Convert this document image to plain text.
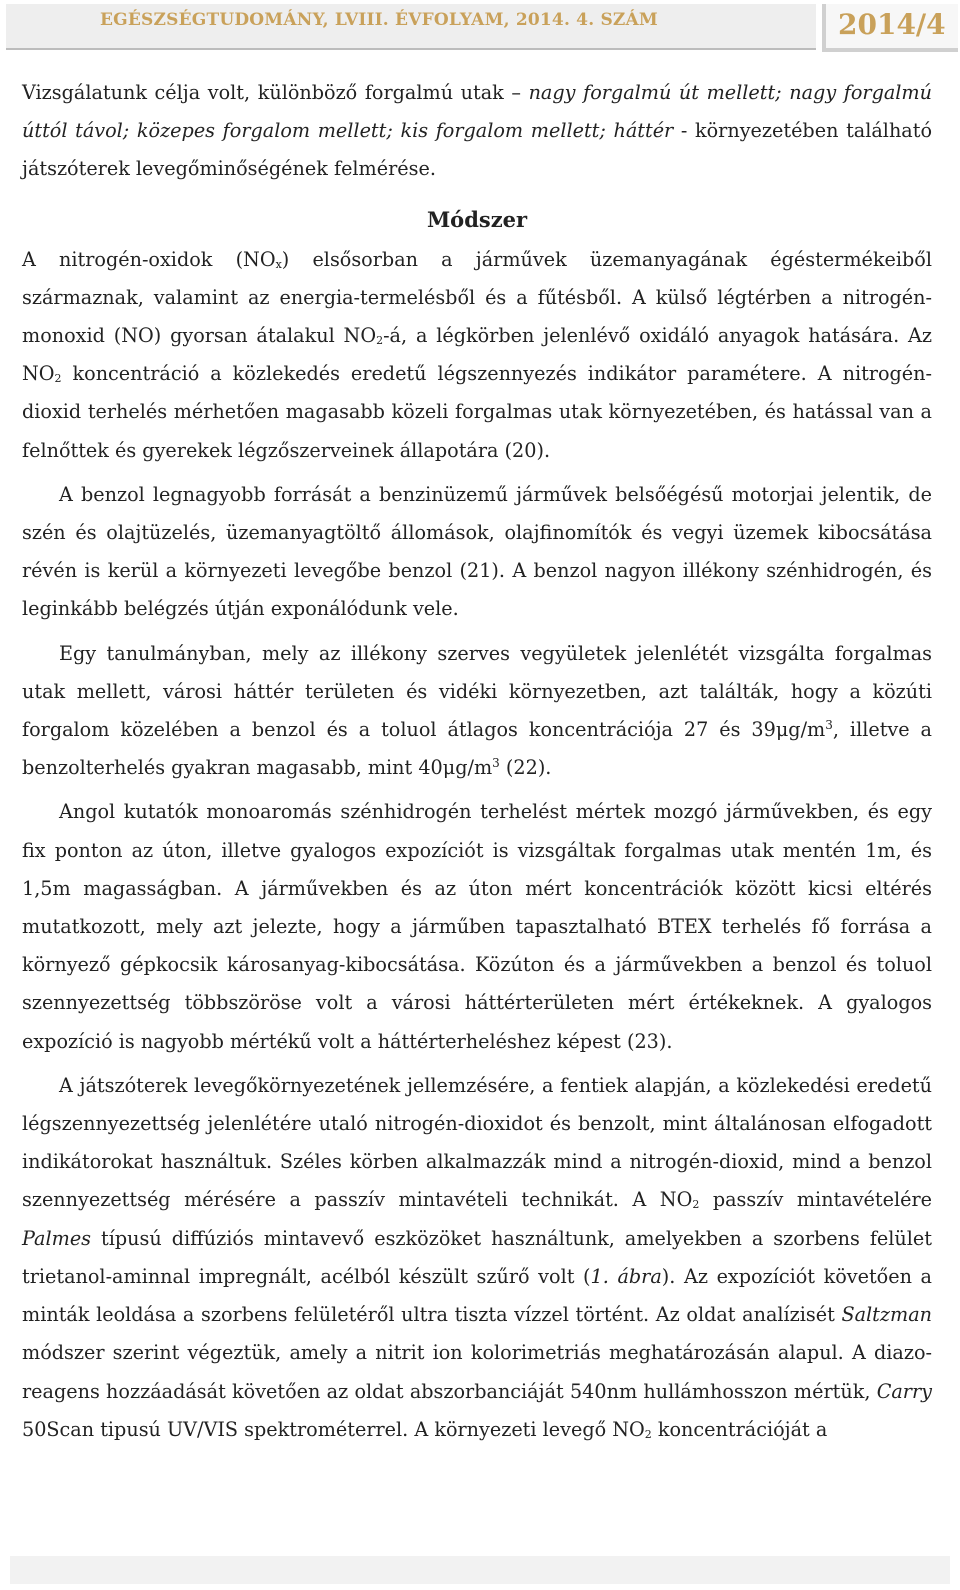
EGÉSZSÉGTUDOMÁNY, LVIII. ÉVFOLYAM, 2014. 4. SZÁM	2014/4

Vizsgálatunk célja volt, különböző forgalmú utak – nagy forgalmú út mellett; nagy forgalmú úttól távol; közepes forgalom mellett; kis forgalom mellett; háttér - környezetében található játszóterek levegőminőségének felmérése.

Módszer

A nitrogén-oxidok $(NO_x)$ elsősorban a járművek üzemanyagának égéstermékeiből származnak, valamint az energia-termelésből és a fűtésből. A külső légtérben a nitrogén-monoxid (NO) gyorsan átalakul $NO_2-á$, a légkörben jelenlévő oxidáló anyagok hatására. Az $NO_2$ koncentráció a közlekedés eredetű légszennyezés indikátor paramétere. A nitrogén-dioxid terhelés mérhetően magasabb közeli forgalmas utak környezetében, és hatással van a felnőttek és gyerekek légzőszerveinek állapotára (20).

A benzol legnagyobb forrását a benzinüzemű járművek belsőégésű motorjai jelentik, de szén és olajtüzelés, üzemanyagtöltő állomások, olajfinomítók és vegyi üzemek kibocsátása révén is kerül a környezeti levegőbe benzol (21). A benzol nagyon illékony szénhidrogén, és leginkább belégzés útján exponálódunk vele.

Egy tanulmányban, mely az illékony szerves vegyületek jelenlétét vizsgálta forgalmas utak mellett, városi háttér területen és vidéki környezetben, azt találták, hogy a közúti forgalom közelében a benzol és a toluol átlagos koncentrációja 27 és $39\mu g/m^3$, illetve a benzolterhelés gyakran magasabb, mint $40\mu g/m^3$ (22).

Angol kutatók monoaromás szénhidrogén terhelést mértek mozgó járművekben, és egy fix ponton az úton, illetve gyalogos expozíciót is vizsgáltak forgalmas utak mentén 1m, és 1,5m magasságban. A járművekben és az úton mért koncentrációk között kicsi eltérés mutatkozott, mely azt jelezte, hogy a járműben tapasztalható BTEX terhelés fő forrása a környező gépkocsik károsanyag-kibocsátása. Közúton és a járművekben a benzol és toluol szennyezettség többszöröse volt a városi háttérterületen mért értékeknek. A gyalogos expozíció is nagyobb mértékű volt a háttérterheléshez képest (23).

A játszóterek levegőkörnyezetének jellemzésére, a fentiek alapján, a közlekedési eredetű légszennyezettség jelenlétére utaló nitrogén-dioxidot és benzolt, mint általánosan elfogadott indikátorokat használtuk. Széles körben alkalmazzák mind a nitrogén-dioxid, mind a benzol szennyezettség mérésére a passzív mintavételi technikát. A $NO_2$ passzív mintavételére Palmes típusú diffúziós mintavevő eszközöket használtunk, amelyekben a szorbens felület trietanol-aminnal impregnált, acélból készült szűrő volt (1. ábra). Az expozíciót követően a minták leoldása a szorbens felületéről ultra tiszta vízzel történt. Az oldat analízisét Saltzman módszer szerint végeztük, amely a nitrit ion kolorimetriás meghatározásán alapul. A diazo-reagens hozzáadását követően az oldat abszorbanciáját 540nm hullámhosszon mértük, Carry 50Scan tipusú UV/VIS spektrométerrel. A környezeti levegő $NO_2$ koncentrációját a
